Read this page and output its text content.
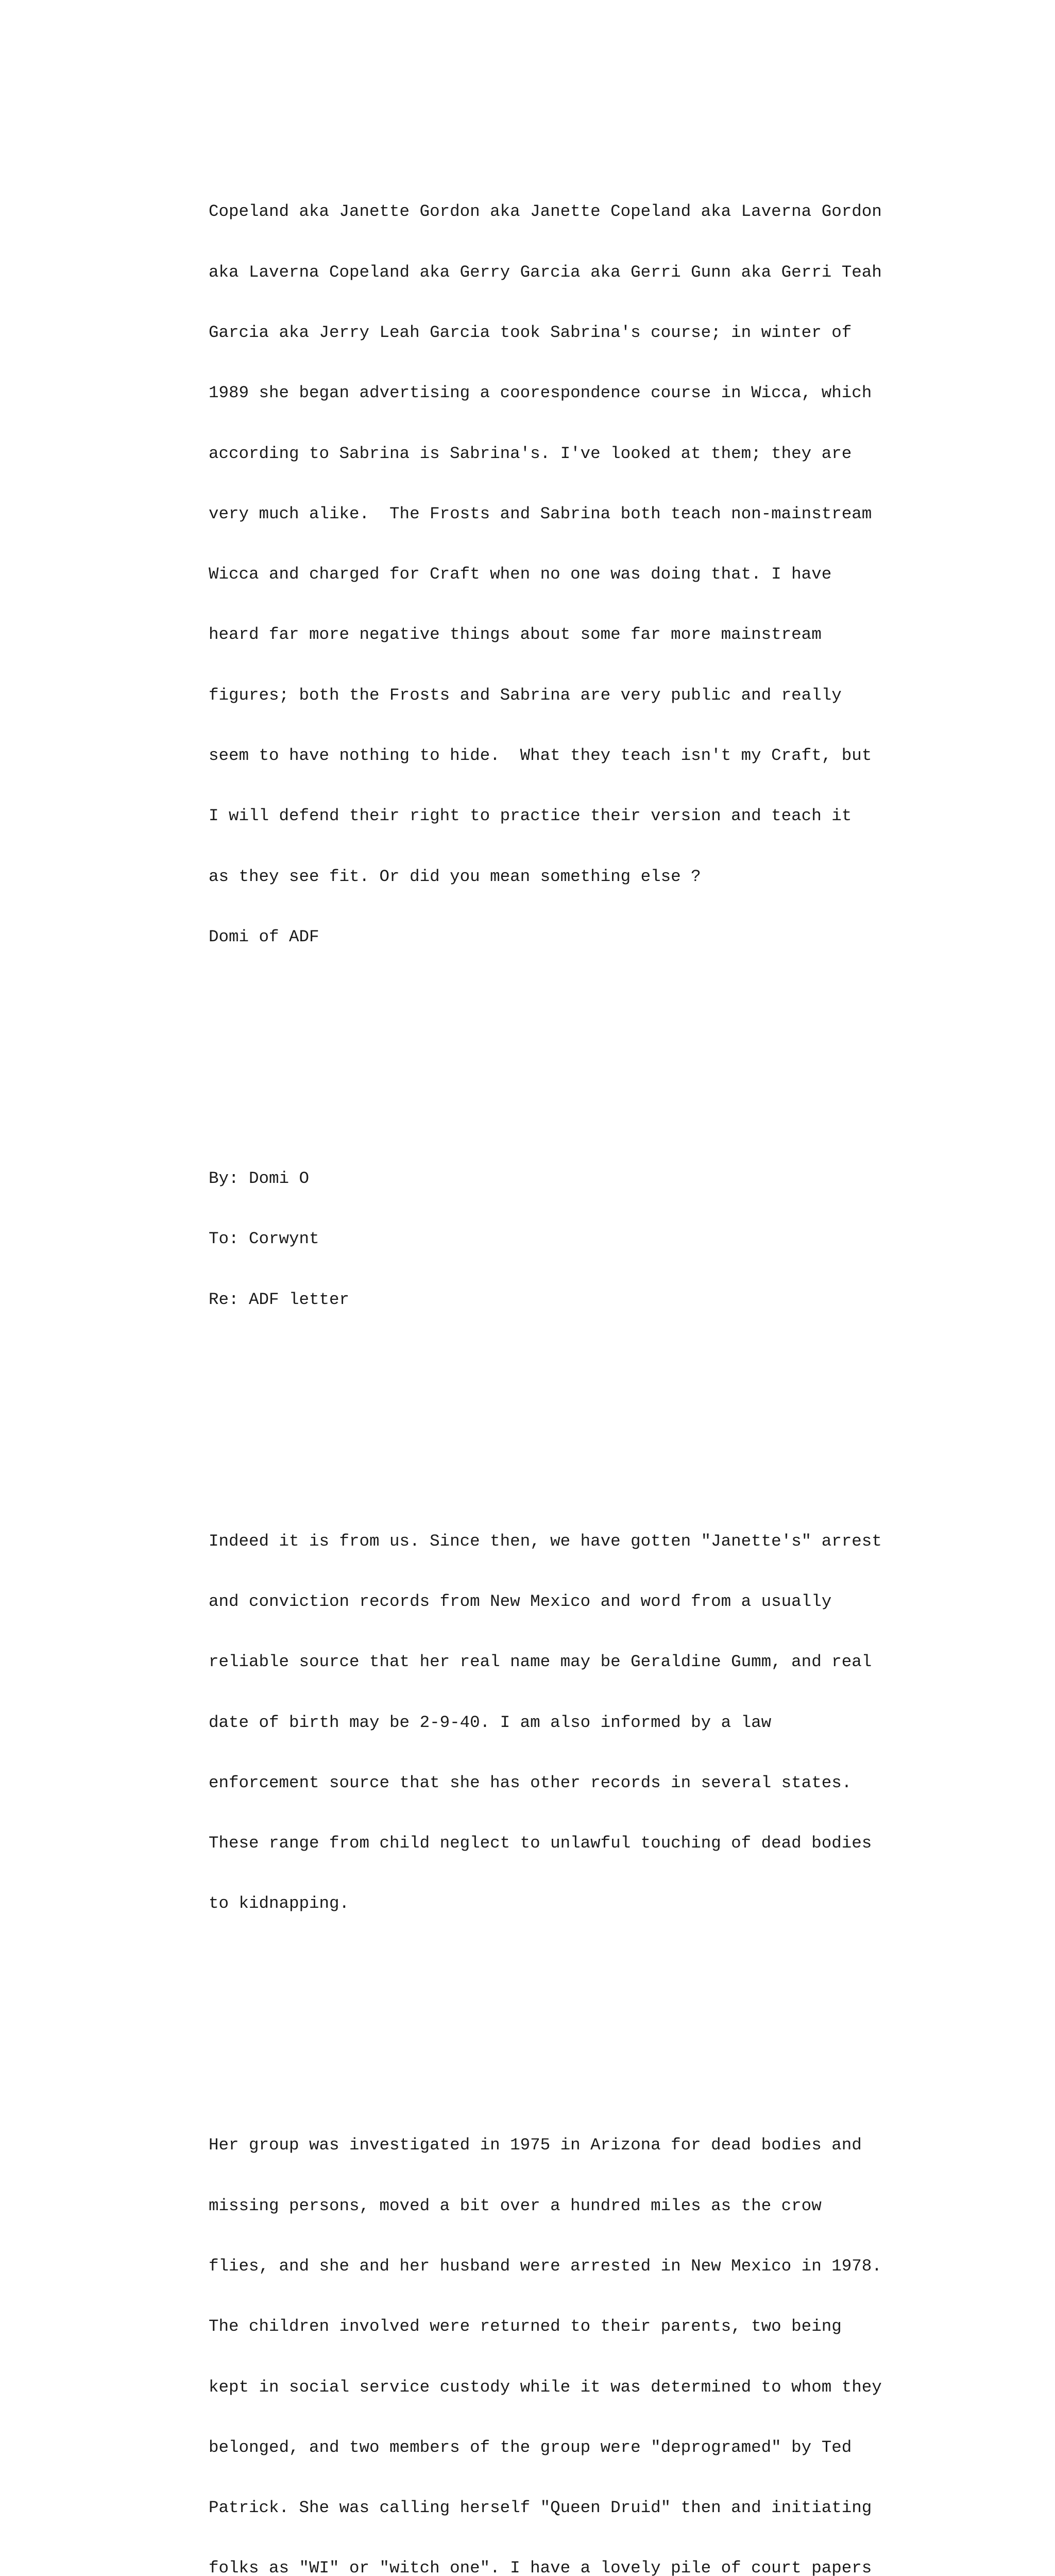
Copeland aka Janette Gordon aka Janette Copeland aka Laverna Gordon

aka Laverna Copeland aka Gerry Garcia aka Gerri Gunn aka Gerri Teah

Garcia aka Jerry Leah Garcia took Sabrina's course; in winter of

1989 she began advertising a coorespondence course in Wicca, which

according to Sabrina is Sabrina's. I've looked at them; they are

very much alike.  The Frosts and Sabrina both teach non-mainstream

Wicca and charged for Craft when no one was doing that. I have

heard far more negative things about some far more mainstream

figures; both the Frosts and Sabrina are very public and really

seem to have nothing to hide.  What they teach isn't my Craft, but

I will defend their right to practice their version and teach it

as they see fit. Or did you mean something else ?

Domi of ADF

By: Domi O

To: Corwynt

Re: ADF letter

Indeed it is from us. Since then, we have gotten "Janette's" arrest

and conviction records from New Mexico and word from a usually

reliable source that her real name may be Geraldine Gumm, and real

date of birth may be 2-9-40. I am also informed by a law

enforcement source that she has other records in several states.

These range from child neglect to unlawful touching of dead bodies

to kidnapping.

Her group was investigated in 1975 in Arizona for dead bodies and

missing persons, moved a bit over a hundred miles as the crow

flies, and she and her husband were arrested in New Mexico in 1978.

The children involved were returned to their parents, two being

kept in social service custody while it was determined to whom they

belonged, and two members of the group were "deprogramed" by Ted

Patrick. She was calling herself "Queen Druid" then and initiating

folks as "WI" or "witch one". I have a lovely pile of court papers
